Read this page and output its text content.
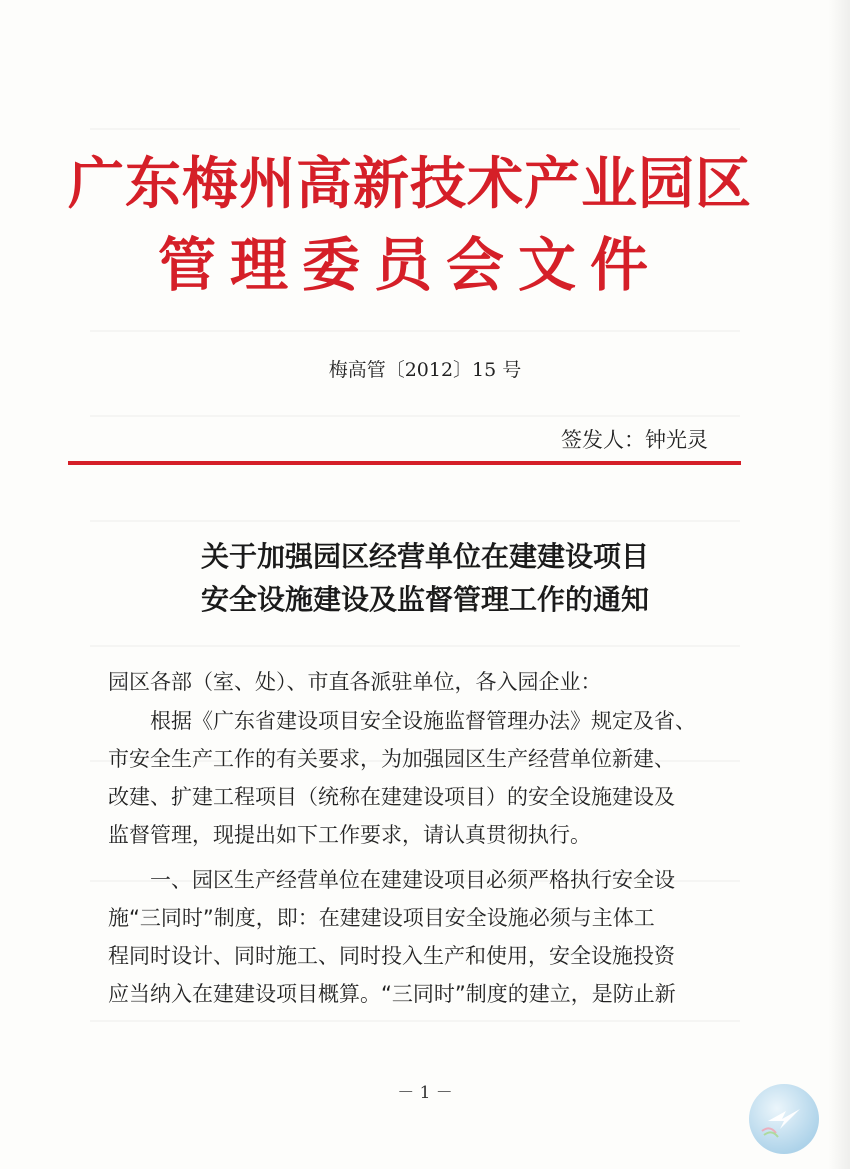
广东梅州高新技术产业园区
管理委员会文件
梅高管〔2012〕15 号
签发人：钟光灵
关于加强园区经营单位在建建设项目
安全设施建设及监督管理工作的通知
园区各部（室、处）、市直各派驻单位，各入园企业：
　　根据《广东省建设项目安全设施监督管理办法》规定及省、
市安全生产工作的有关要求，为加强园区生产经营单位新建、
改建、扩建工程项目（统称在建建设项目）的安全设施建设及
监督管理，现提出如下工作要求，请认真贯彻执行。
　　一、园区生产经营单位在建建设项目必须严格执行安全设
施“三同时”制度，即：在建建设项目安全设施必须与主体工
程同时设计、同时施工、同时投入生产和使用，安全设施投资
应当纳入在建建设项目概算。“三同时”制度的建立，是防止新
－ 1 －
